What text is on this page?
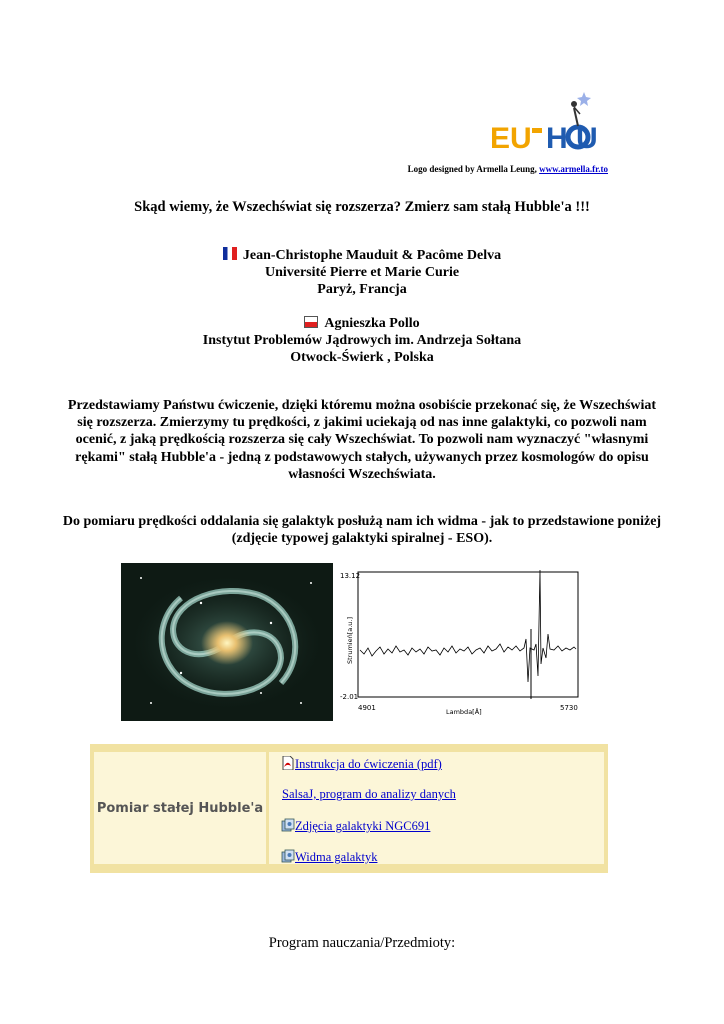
EU H U
Logo designed by Armella Leung, www.armella.fr.to
Skąd wiemy, że Wszechświat się rozszerza? Zmierz sam stałą Hubble'a !!!
Jean-Christophe Mauduit & Pacôme Delva
Université Pierre et Marie Curie
Paryż, Francja
Agnieszka Pollo
Instytut Problemów Jądrowych im. Andrzeja Sołtana
Otwock-Świerk , Polska
Przedstawiamy Państwu ćwiczenie, dzięki któremu można osobiście przekonać się, że Wszechświat się rozszerza. Zmierzymy tu prędkości, z jakimi uciekają od nas inne galaktyki, co pozwoli nam ocenić, z jaką prędkością rozszerza się cały Wszechświat. To pozwoli nam wyznaczyć "własnymi rękami" stałą Hubble'a - jedną z podstawowych stałych, używanych przez kosmologów do opisu własności Wszechświata.
Do pomiaru prędkości oddalania się galaktyk posłużą nam ich widma - jak to przedstawione poniżej (zdjęcie typowej galaktyki spiralnej - ESO).
13.12
-2.01
4901	5730
Lambda[Å]
Strumień[a.u.]
Pomiar stałej Hubble'a
Instrukcja do ćwiczenia (pdf)
SalsaJ, program do analizy danych
Zdjęcia galaktyki NGC691
Widma galaktyk
Program nauczania/Przedmioty:
